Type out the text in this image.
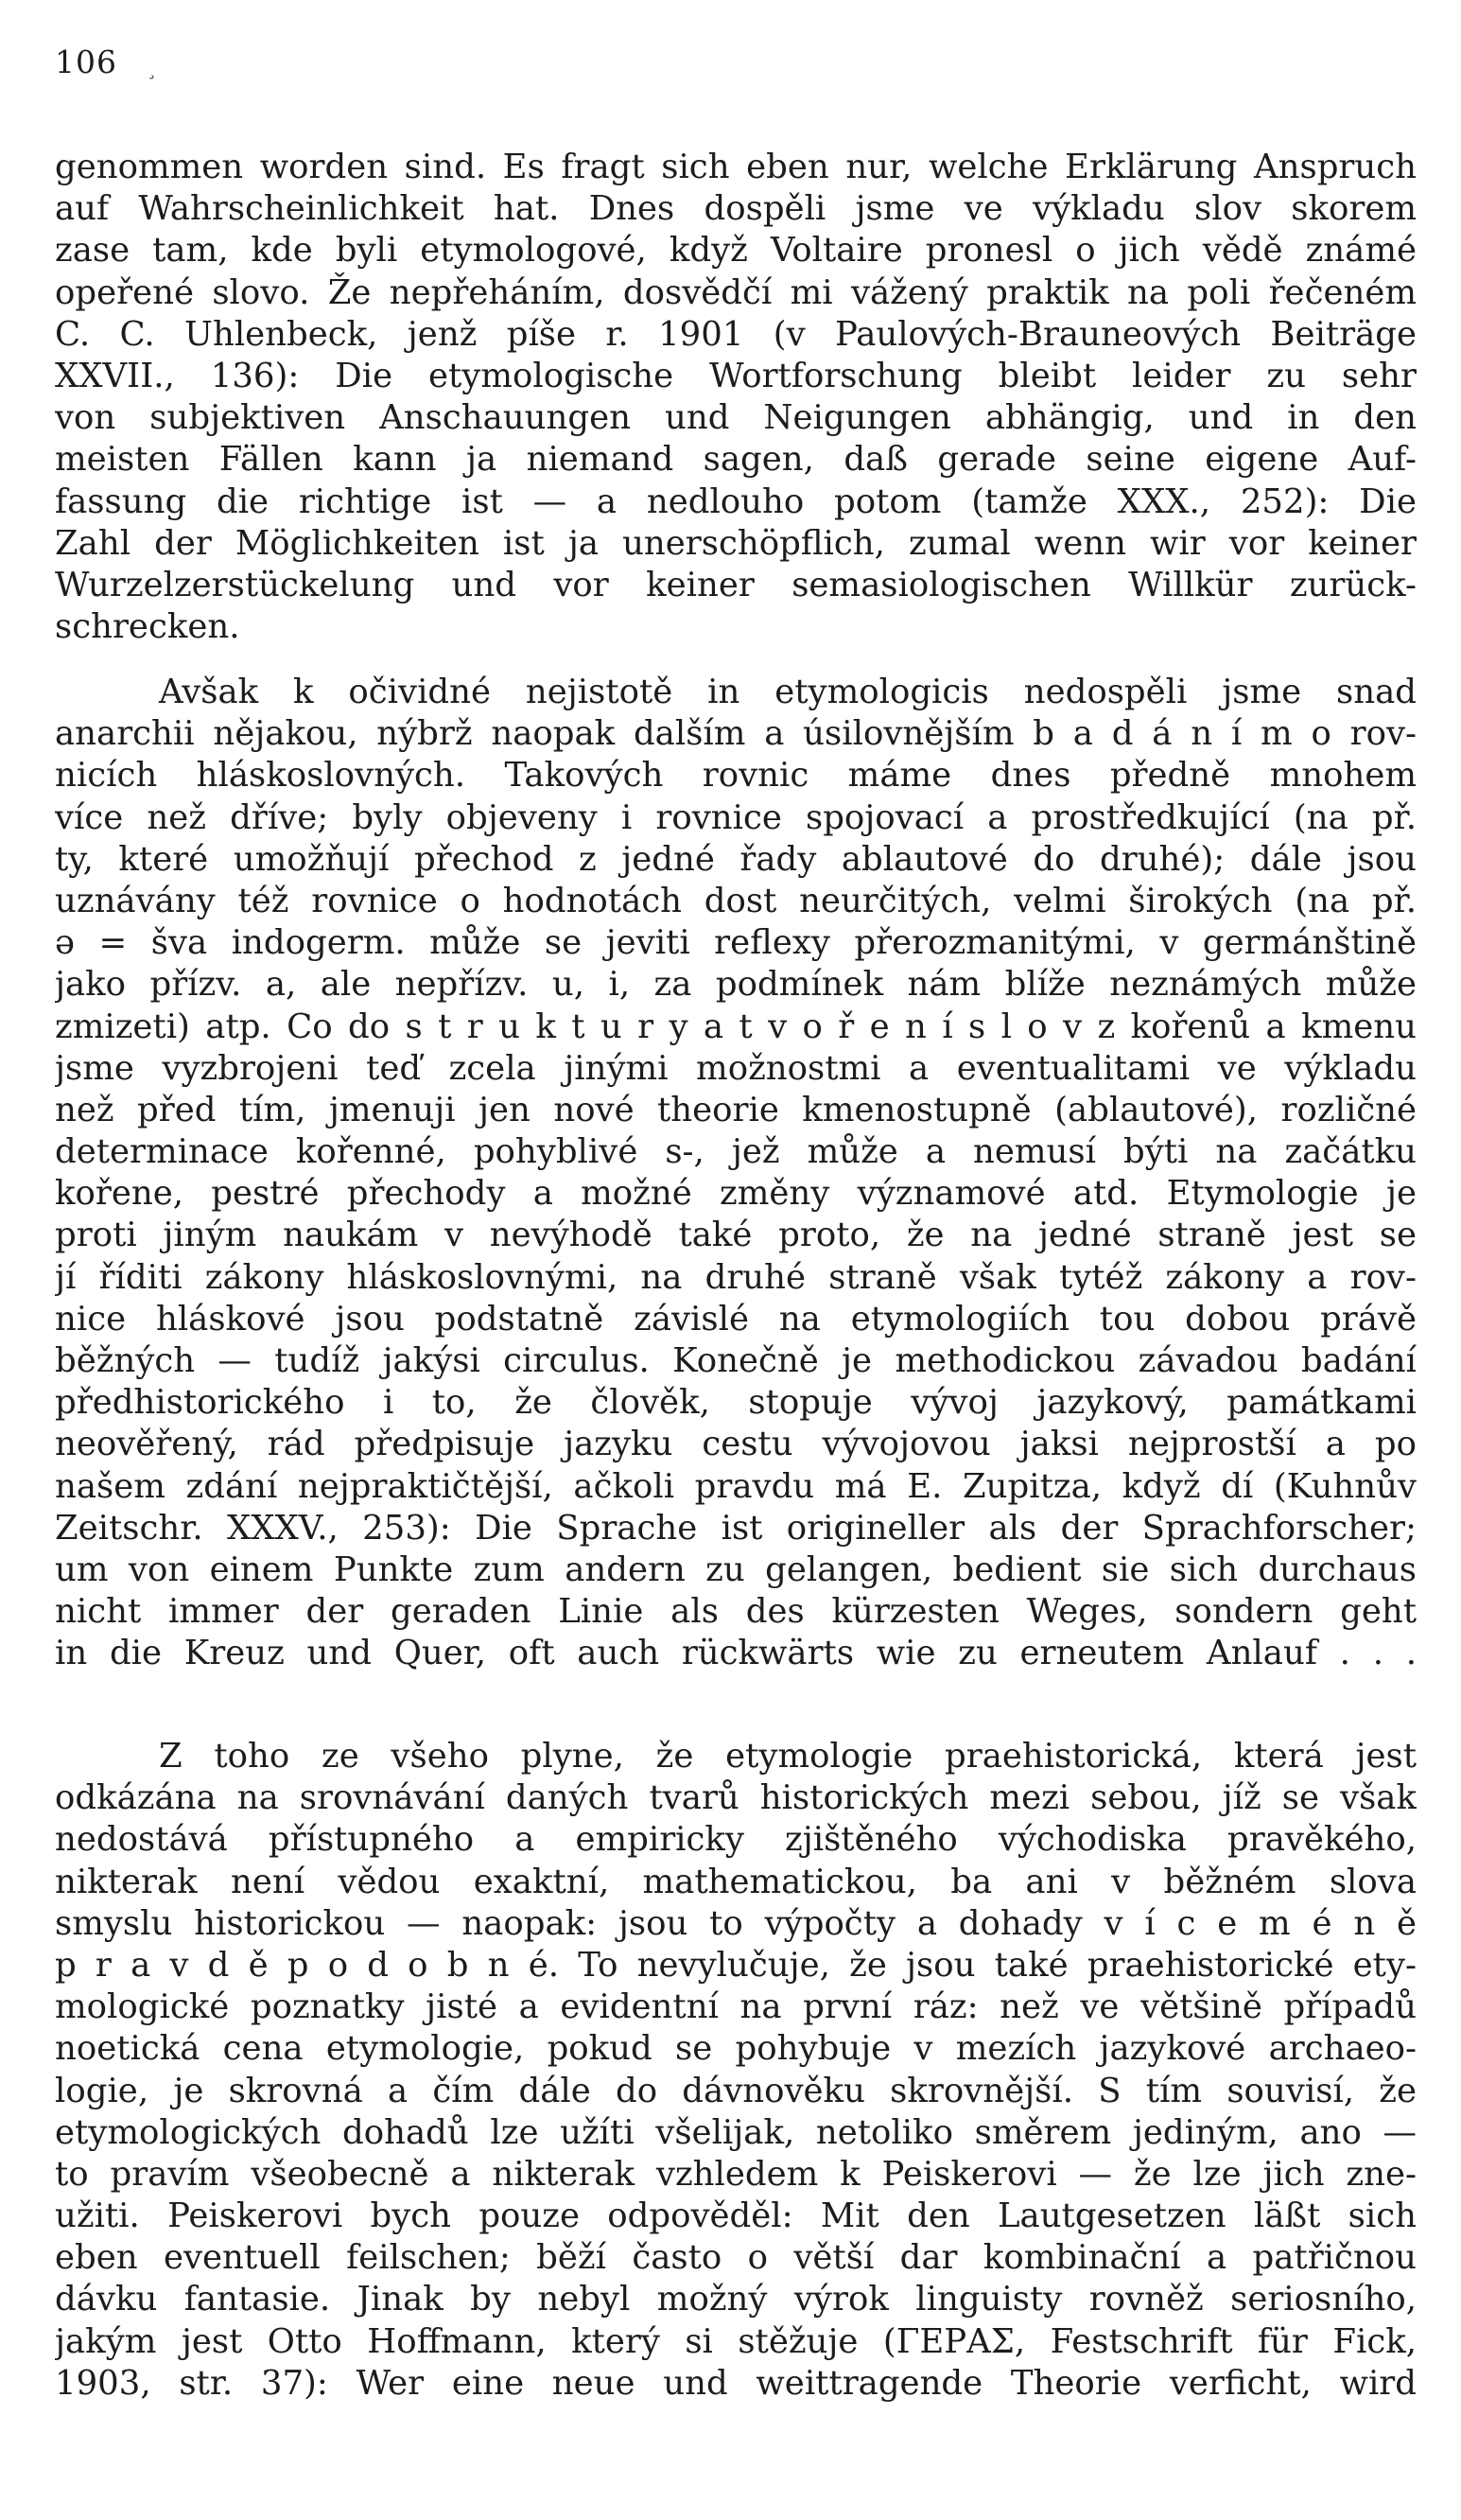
106 ¸
genommen worden sind. Es fragt sich eben nur, welche Erklärung Anspruch
auf Wahrscheinlichkeit hat. Dnes dospěli jsme ve výkladu slov skorem
zase tam, kde byli etymologové, když Voltaire pronesl o jich vědě známé
opeřené slovo. Že nepřeháním, dosvědčí mi vážený praktik na poli řečeném
C. C. Uhlenbeck, jenž píše r. 1901 (v Paulových-Brauneových Beiträge
XXVII., 136): Die etymologische Wortforschung bleibt leider zu sehr
von subjektiven Anschauungen und Neigungen abhängig, und in den
meisten Fällen kann ja niemand sagen, daß gerade seine eigene Auf-
fassung die richtige ist — a nedlouho potom (tamže XXX., 252): Die
Zahl der Möglichkeiten ist ja unerschöpflich, zumal wenn wir vor keiner
Wurzelzerstückelung und vor keiner semasiologischen Willkür zurück-
schrecken.
Avšak k očividné nejistotě in etymologicis nedospěli jsme snad
anarchii nějakou, nýbrž naopak dalším a úsilovnějším b a d á n í m o rov-
nicích hláskoslovných. Takových rovnic máme dnes předně mnohem
více než dříve; byly objeveny i rovnice spojovací a prostředkující (na př.
ty, které umožňují přechod z jedné řady ablautové do druhé); dále jsou
uznávány též rovnice o hodnotách dost neurčitých, velmi širokých (na př.
ə = šva indogerm. může se jeviti reflexy přerozmanitými, v germánštině
jako přízv. a, ale nepřízv. u, i, za podmínek nám blíže neznámých může
zmizeti) atp. Co do s t r u k t u r y a t v o ř e n í s l o v z kořenů a kmenu
jsme vyzbrojeni teď zcela jinými možnostmi a eventualitami ve výkladu
než před tím, jmenuji jen nové theorie kmenostupně (ablautové), rozličné
determinace kořenné, pohyblivé s-, jež může a nemusí býti na začátku
kořene, pestré přechody a možné změny významové atd. Etymologie je
proti jiným naukám v nevýhodě také proto, že na jedné straně jest se
jí říditi zákony hláskoslovnými, na druhé straně však tytéž zákony a rov-
nice hláskové jsou podstatně závislé na etymologiích tou dobou právě
běžných — tudíž jakýsi circulus. Konečně je methodickou závadou badání
předhistorického i to, že člověk, stopuje vývoj jazykový, památkami
neověřený, rád předpisuje jazyku cestu vývojovou jaksi nejprostší a po
našem zdání nejpraktičtější, ačkoli pravdu má E. Zupitza, když dí (Kuhnův
Zeitschr. XXXV., 253): Die Sprache ist origineller als der Sprachforscher;
um von einem Punkte zum andern zu gelangen, bedient sie sich durchaus
nicht immer der geraden Linie als des kürzesten Weges, sondern geht
in die Kreuz und Quer, oft auch rückwärts wie zu erneutem Anlauf . . .
Z toho ze všeho plyne, že etymologie praehistorická, která jest
odkázána na srovnávání daných tvarů historických mezi sebou, jíž se však
nedostává přístupného a empiricky zjištěného východiska pravěkého,
nikterak není vědou exaktní, mathematickou, ba ani v běžném slova
smyslu historickou — naopak: jsou to výpočty a dohady v í c e m é n ě
p r a v d ě p o d o b n é. To nevylučuje, že jsou také praehistorické ety-
mologické poznatky jisté a evidentní na první ráz: než ve většině případů
noetická cena etymologie, pokud se pohybuje v mezích jazykové archaeo-
logie, je skrovná a čím dále do dávnověku skrovnější. S tím souvisí, že
etymologických dohadů lze užíti všelijak, netoliko směrem jediným, ano —
to pravím všeobecně a nikterak vzhledem k Peiskerovi — že lze jich zne-
užiti. Peiskerovi bych pouze odpověděl: Mit den Lautgesetzen läßt sich
eben eventuell feilschen; běží často o větší dar kombinační a patřičnou
dávku fantasie. Jinak by nebyl možný výrok linguisty rovněž seriosního,
jakým jest Otto Hoffmann, který si stěžuje (ΓΕΡΑΣ, Festschrift für Fick,
1903, str. 37): Wer eine neue und weittragende Theorie verficht, wird
